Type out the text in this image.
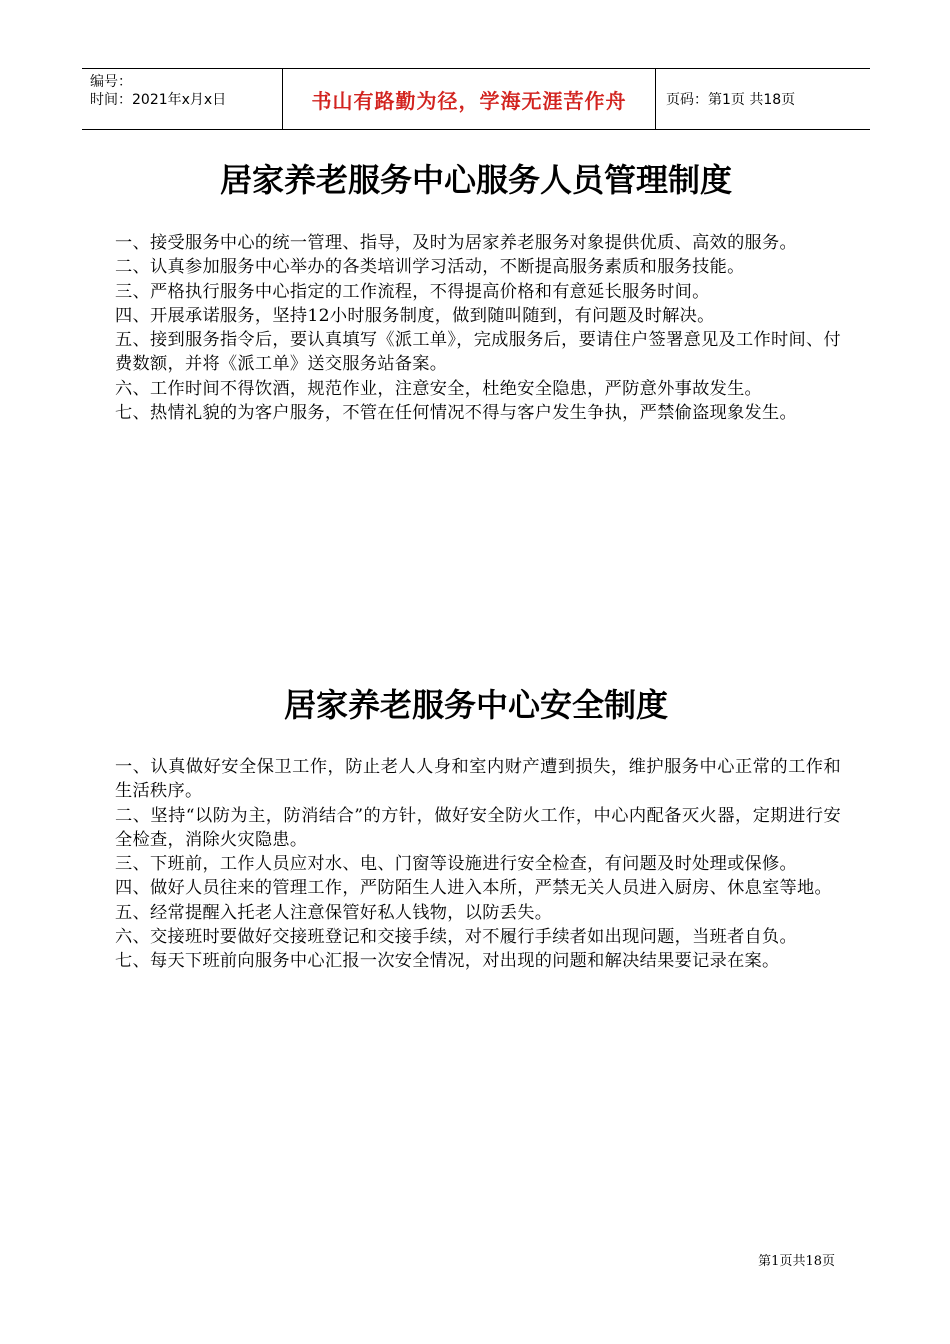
编号：
时间：2021年x月x日	书山有路勤为径，学海无涯苦作舟	页码：第1页 共18页
居家养老服务中心服务人员管理制度

一、接受服务中心的统一管理、指导，及时为居家养老服务对象提供优质、高效的服务。

二、认真参加服务中心举办的各类培训学习活动，不断提高服务素质和服务技能。

三、严格执行服务中心指定的工作流程，不得提高价格和有意延长服务时间。

四、开展承诺服务，坚持12小时服务制度，做到随叫随到，有问题及时解决。

五、接到服务指令后，要认真填写《派工单》，完成服务后，要请住户签署意见及工作时间、付费数额，并将《派工单》送交服务站备案。

六、工作时间不得饮酒，规范作业，注意安全，杜绝安全隐患，严防意外事故发生。

七、热情礼貌的为客户服务，不管在任何情况不得与客户发生争执，严禁偷盗现象发生。

居家养老服务中心安全制度

一、认真做好安全保卫工作，防止老人人身和室内财产遭到损失，维护服务中心正常的工作和生活秩序。

二、坚持“以防为主，防消结合”的方针，做好安全防火工作，中心内配备灭火器，定期进行安全检查，消除火灾隐患。

三、下班前，工作人员应对水、电、门窗等设施进行安全检查，有问题及时处理或保修。

四、做好人员往来的管理工作，严防陌生人进入本所，严禁无关人员进入厨房、休息室等地。

五、经常提醒入托老人注意保管好私人钱物，以防丢失。

六、交接班时要做好交接班登记和交接手续，对不履行手续者如出现问题，当班者自负。

七、每天下班前向服务中心汇报一次安全情况，对出现的问题和解决结果要记录在案。

第1页共18页
